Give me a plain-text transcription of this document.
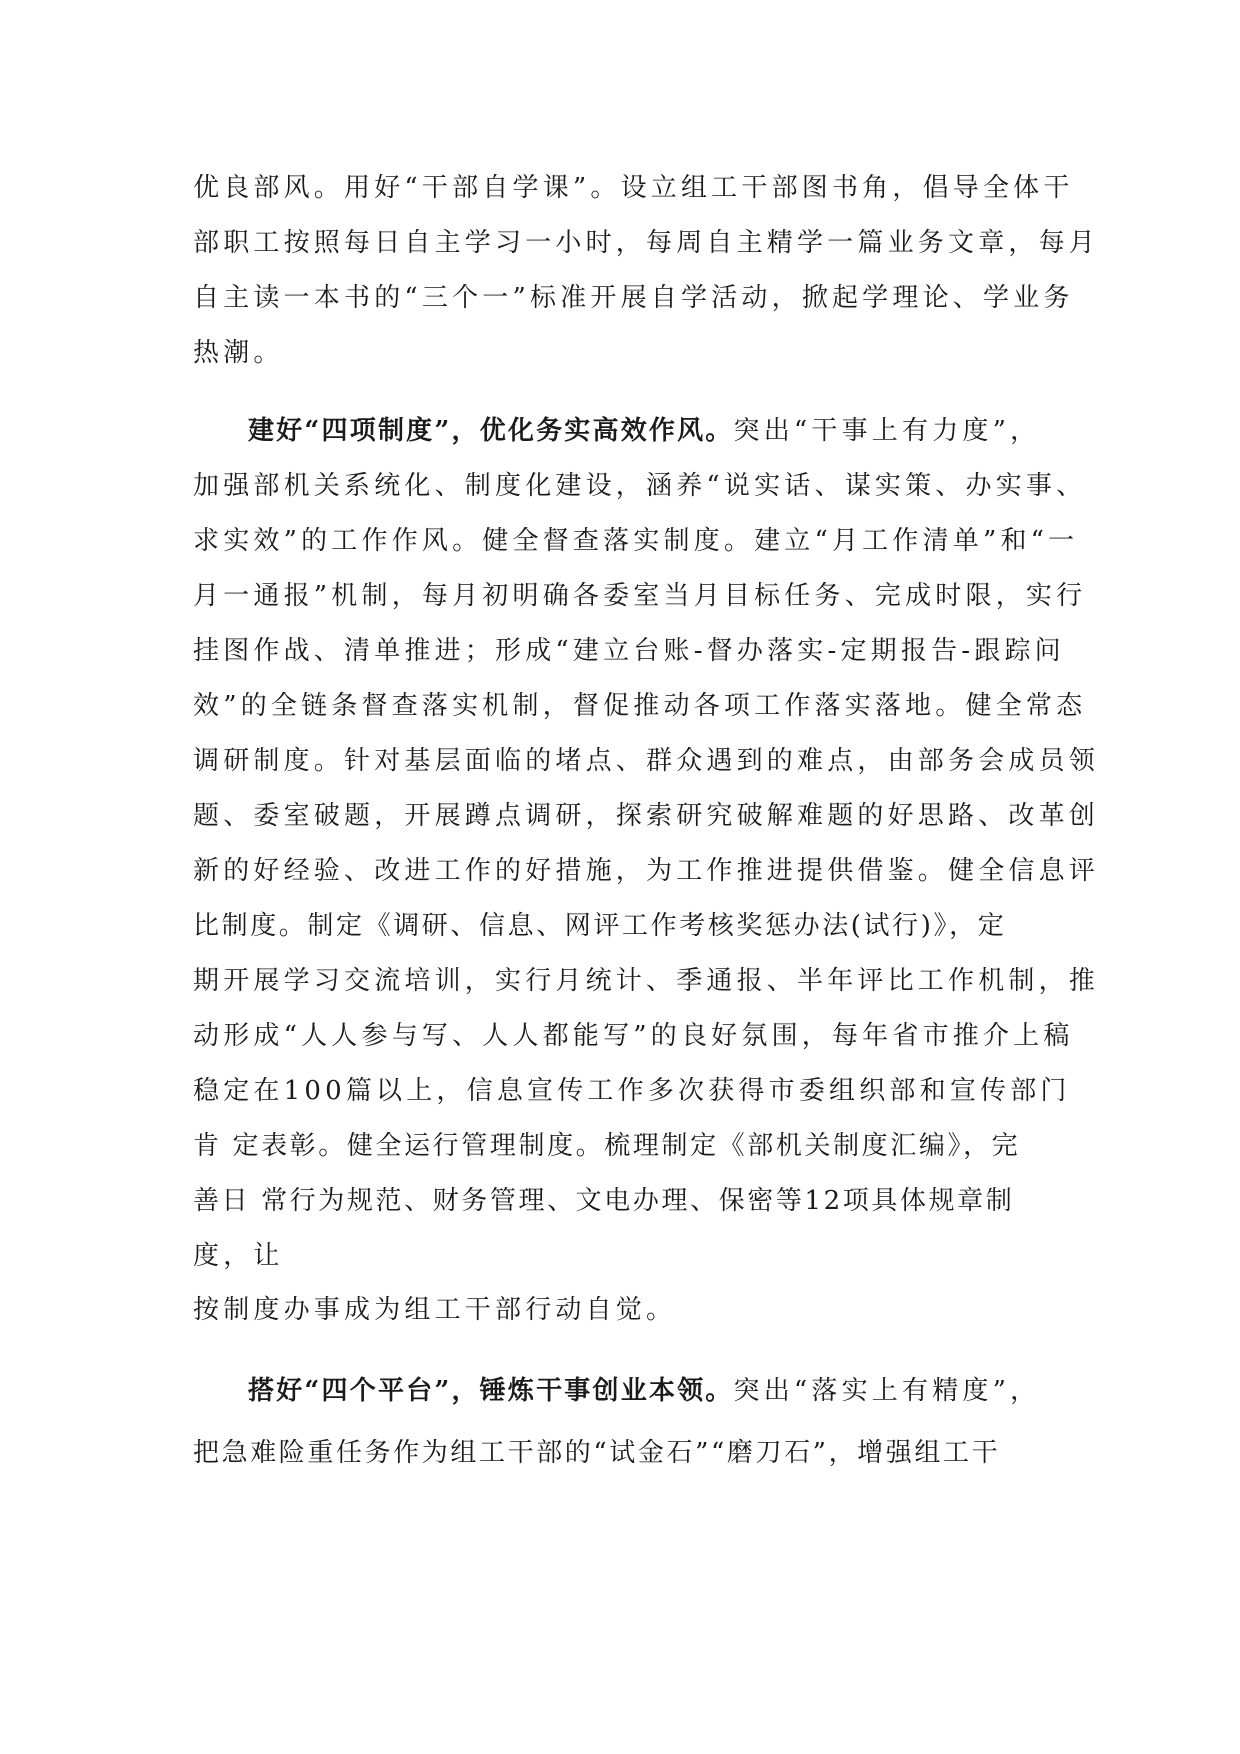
优良部风。用好“干部自学课”。设立组工干部图书角，倡导全体干
部职工按照每日自主学习一小时，每周自主精学一篇业务文章，每月
自主读一本书的“三个一”标准开展自学活动，掀起学理论、学业务
热潮。
建好“四项制度”，优化务实高效作风。突出“干事上有力度”，
加强部机关系统化、制度化建设，涵养“说实话、谋实策、办实事、
求实效”的工作作风。健全督查落实制度。建立“月工作清单”和“一
月一通报”机制，每月初明确各委室当月目标任务、完成时限，实行
挂图作战、清单推进；形成“建立台账-督办落实-定期报告-跟踪问
效”的全链条督查落实机制，督促推动各项工作落实落地。健全常态
调研制度。针对基层面临的堵点、群众遇到的难点，由部务会成员领
题、委室破题，开展蹲点调研，探索研究破解难题的好思路、改革创
新的好经验、改进工作的好措施，为工作推进提供借鉴。健全信息评
比制度。制定《调研、信息、网评工作考核奖惩办法(试行)》，定
期开展学习交流培训，实行月统计、季通报、半年评比工作机制，推
动形成“人人参与写、人人都能写”的良好氛围，每年省市推介上稿
稳定在100篇以上，信息宣传工作多次获得市委组织部和宣传部门
肯 定表彰。健全运行管理制度。梳理制定《部机关制度汇编》，完
善日 常行为规范、财务管理、文电办理、保密等12项具体规章制
度，让
按制度办事成为组工干部行动自觉。
搭好“四个平台”，锤炼干事创业本领。突出“落实上有精度”，
把急难险重任务作为组工干部的“试金石”“磨刀石”，增强组工干
